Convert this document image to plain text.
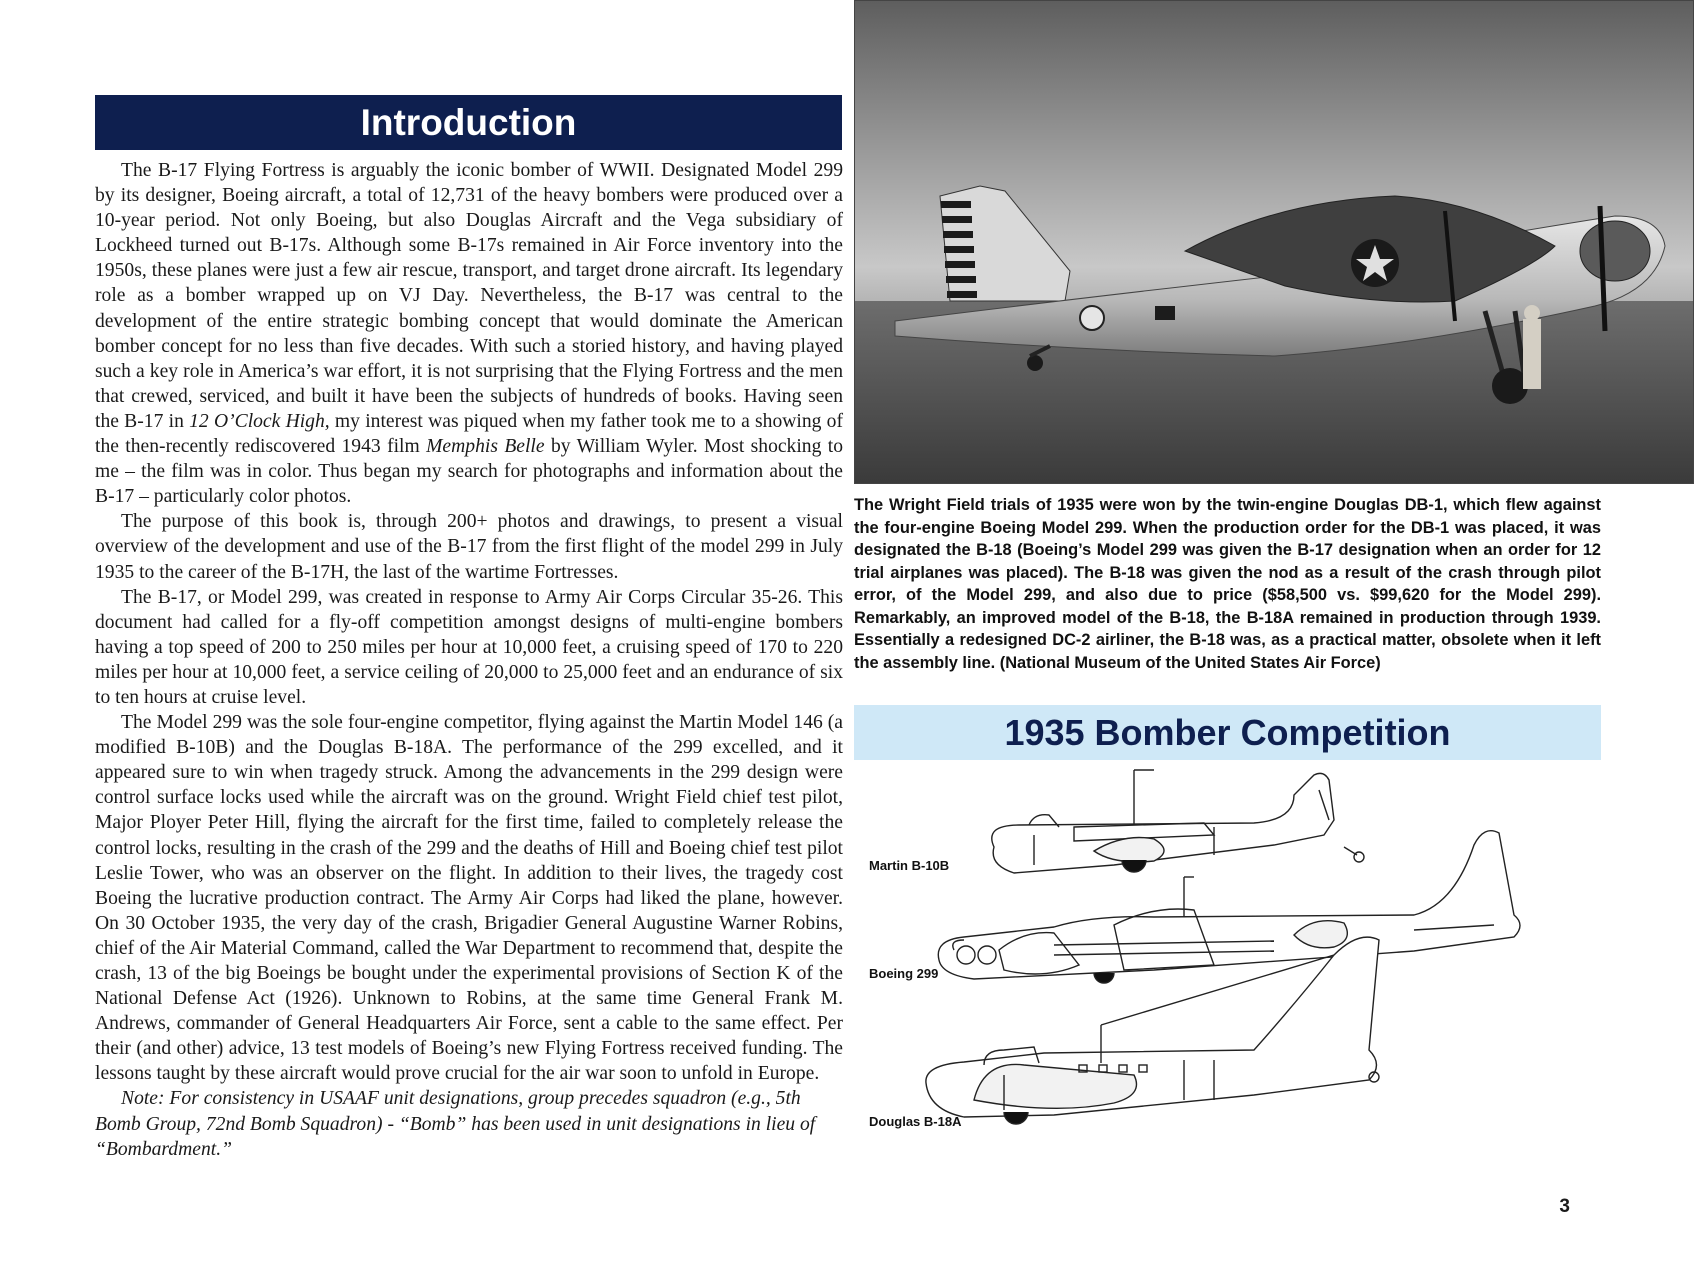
Introduction

The B-17 Flying Fortress is arguably the iconic bomber of WWII. Designated Model 299 by its designer, Boeing aircraft, a total of 12,731 of the heavy bombers were produced over a 10-year period. Not only Boeing, but also Douglas Aircraft and the Vega subsidiary of Lockheed turned out B-17s. Although some B-17s remained in Air Force inventory into the 1950s, these planes were just a few air rescue, transport, and target drone aircraft. Its legendary role as a bomber wrapped up on VJ Day. Nevertheless, the B-17 was central to the development of the entire strategic bombing concept that would dominate the American bomber concept for no less than five decades. With such a storied history, and having played such a key role in America’s war effort, it is not surprising that the Flying Fortress and the men that crewed, serviced, and built it have been the subjects of hundreds of books. Having seen the B-17 in 12 O’Clock High, my interest was piqued when my father took me to a showing of the then-recently rediscovered 1943 film Memphis Belle by William Wyler. Most shocking to me – the film was in color. Thus began my search for photographs and information about the B-17 – particularly color photos.

The purpose of this book is, through 200+ photos and drawings, to present a visual overview of the development and use of the B-17 from the first flight of the model 299 in July 1935 to the career of the B-17H, the last of the wartime Fortresses.

The B-17, or Model 299, was created in response to Army Air Corps Circular 35-26. This document had called for a fly-off competition amongst designs of multi-engine bombers having a top speed of 200 to 250 miles per hour at 10,000 feet, a cruising speed of 170 to 220 miles per hour at 10,000 feet, a service ceiling of 20,000 to 25,000 feet and an endurance of six to ten hours at cruise level.

The Model 299 was the sole four-engine competitor, flying against the Martin Model 146 (a modified B-10B) and the Douglas B-18A. The performance of the 299 excelled, and it appeared sure to win when tragedy struck. Among the advancements in the 299 design were control surface locks used while the aircraft was on the ground. Wright Field chief test pilot, Major Ployer Peter Hill, flying the aircraft for the first time, failed to completely release the control locks, resulting in the crash of the 299 and the deaths of Hill and Boeing chief test pilot Leslie Tower, who was an observer on the flight. In addition to their lives, the tragedy cost Boeing the lucrative production contract. The Army Air Corps had liked the plane, however. On 30 October 1935, the very day of the crash, Brigadier General Augustine Warner Robins, chief of the Air Material Command, called the War Department to recommend that, despite the crash, 13 of the big Boeings be bought under the experimental provisions of Section K of the National Defense Act (1926). Unknown to Robins, at the same time General Frank M. Andrews, commander of General Headquarters Air Force, sent a cable to the same effect. Per their (and other) advice, 13 test models of Boeing’s new Flying Fortress received funding. The lessons taught by these aircraft would prove crucial for the air war soon to unfold in Europe.

Note: For consistency in USAAF unit designations, group precedes squadron (e.g., 5th Bomb Group, 72nd Bomb Squadron) - “Bomb” has been used in unit designations in lieu of “Bombardment.”

The Wright Field trials of 1935 were won by the twin-engine Douglas DB-1, which flew against the four-engine Boeing Model 299. When the production order for the DB-1 was placed, it was designated the B-18 (Boeing’s Model 299 was given the B-17 designation when an order for 12 trial airplanes was placed). The B-18 was given the nod as a result of the crash through pilot error, of the Model 299, and also due to price ($58,500 vs. $99,620 for the Model 299). Remarkably, an improved model of the B-18, the B-18A remained in production through 1939. Essentially a redesigned DC-2 airliner, the B-18 was, as a practical matter, obsolete when it left the assembly line. (National Museum of the United States Air Force)
1935 Bomber Competition
Martin B-10B
Boeing 299
Douglas B-18A
3
